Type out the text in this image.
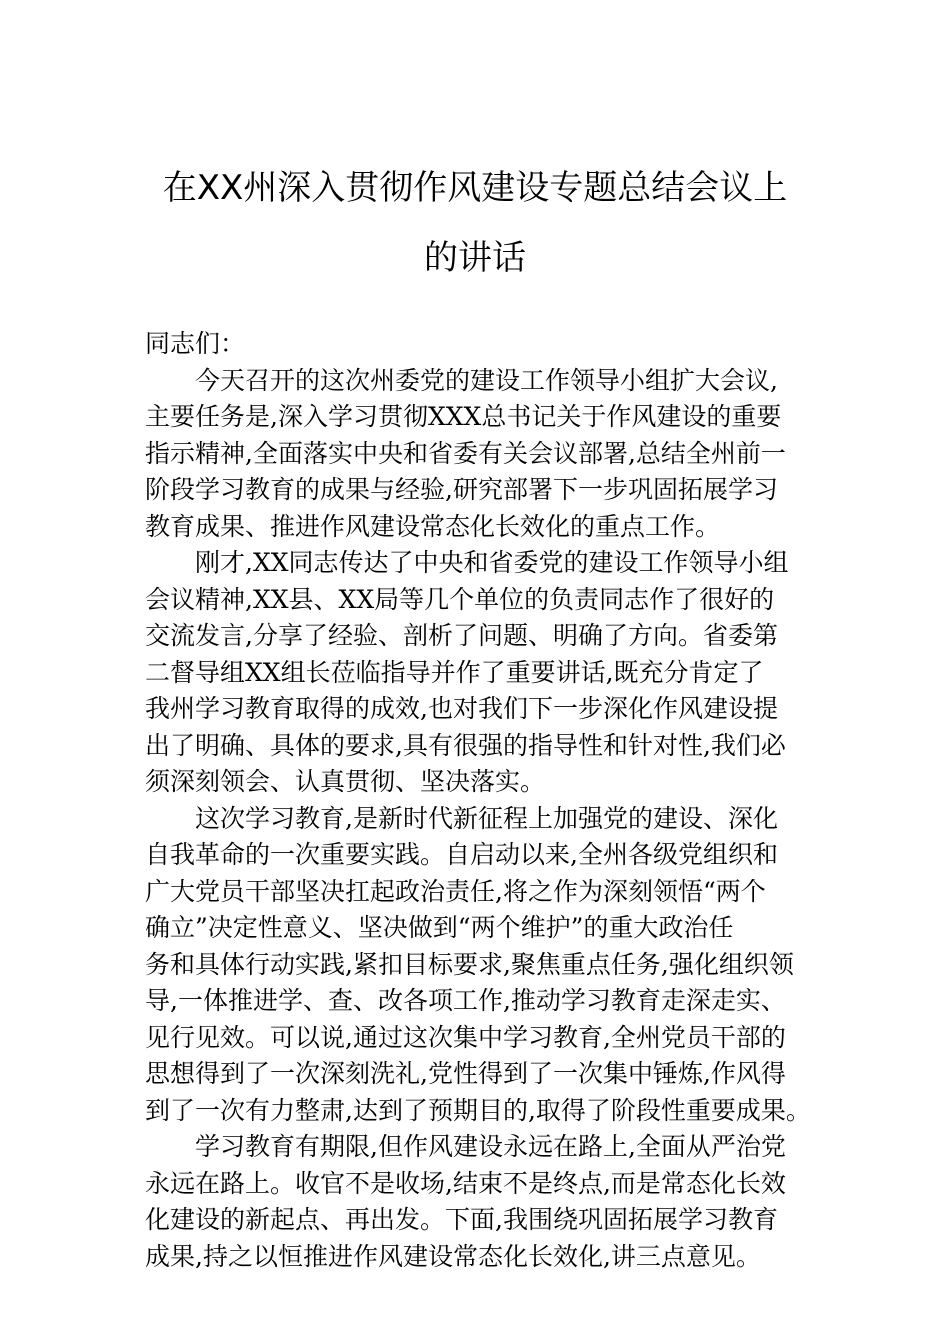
在XX州深入贯彻作风建设专题总结会议上
的讲话
同志们：
今天召开的这次州委党的建设工作领导小组扩大会议,
主要任务是,深入学习贯彻XXX总书记关于作风建设的重要
指示精神,全面落实中央和省委有关会议部署,总结全州前一
阶段学习教育的成果与经验,研究部署下一步巩固拓展学习
教育成果、推进作风建设常态化长效化的重点工作。
刚才,XX同志传达了中央和省委党的建设工作领导小组
会议精神,XX县、XX局等几个单位的负责同志作了很好的
交流发言,分享了经验、剖析了问题、明确了方向。省委第
二督导组XX组长莅临指导并作了重要讲话,既充分肯定了
我州学习教育取得的成效,也对我们下一步深化作风建设提
出了明确、具体的要求,具有很强的指导性和针对性,我们必
须深刻领会、认真贯彻、坚决落实。
这次学习教育,是新时代新征程上加强党的建设、深化
自我革命的一次重要实践。自启动以来,全州各级党组织和
广大党员干部坚决扛起政治责任,将之作为深刻领悟“两个
确立”决定性意义、坚决做到“两个维护”的重大政治任
务和具体行动实践,紧扣目标要求,聚焦重点任务,强化组织领
导,一体推进学、查、改各项工作,推动学习教育走深走实、
见行见效。可以说,通过这次集中学习教育,全州党员干部的
思想得到了一次深刻洗礼,党性得到了一次集中锤炼,作风得
到了一次有力整肃,达到了预期目的,取得了阶段性重要成果。
学习教育有期限,但作风建设永远在路上,全面从严治党
永远在路上。收官不是收场,结束不是终点,而是常态化长效
化建设的新起点、再出发。下面,我围绕巩固拓展学习教育
成果,持之以恒推进作风建设常态化长效化,讲三点意见。
